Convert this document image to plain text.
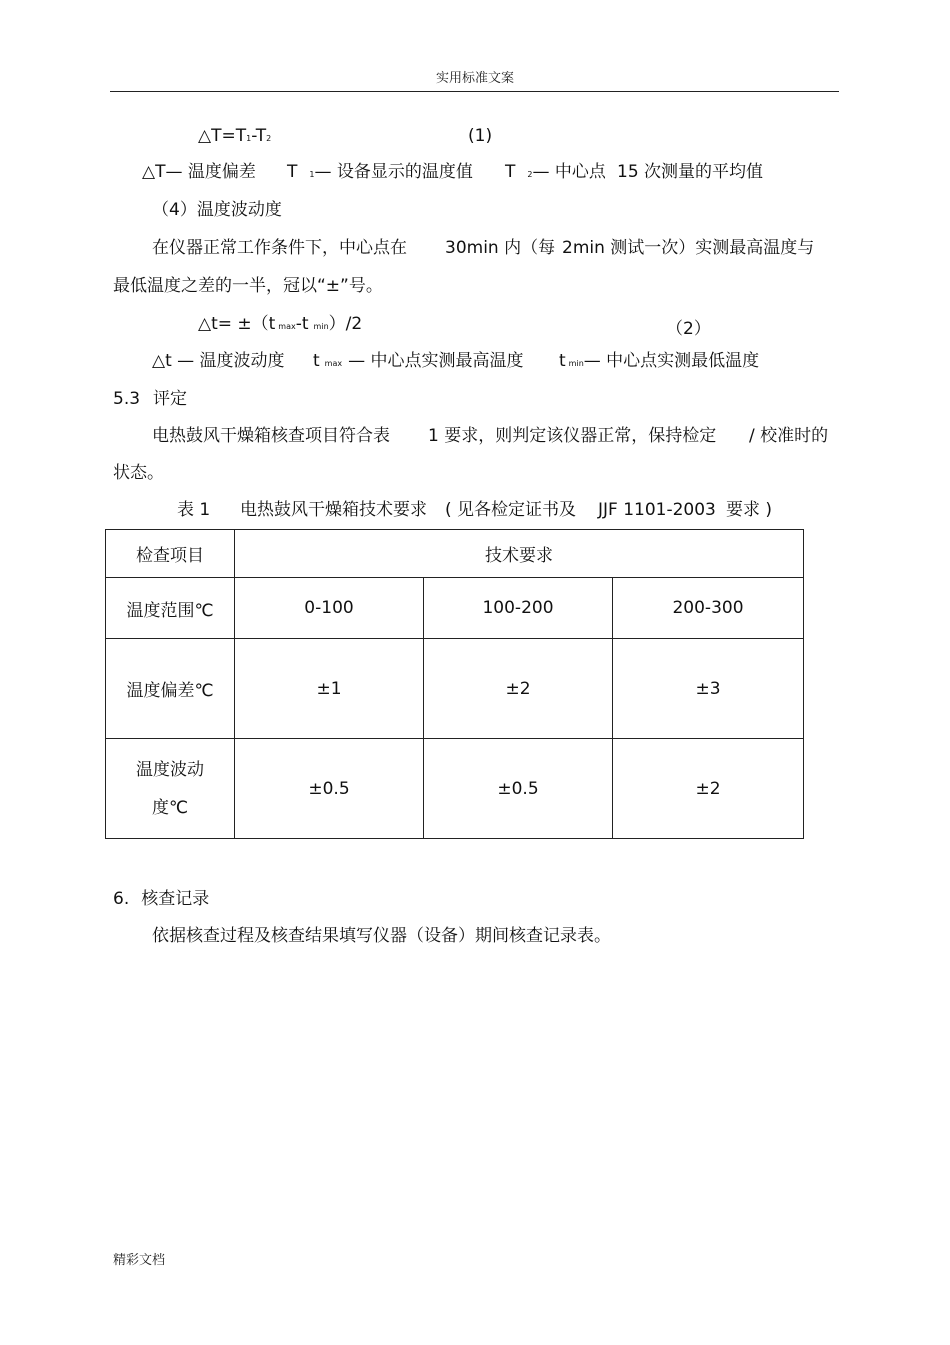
实用标准文案
△T=T1-T2	(1)
△T— 温度偏差 T 1— 设备显示的温度值 T 2— 中心点 15 次测量的平均值
（4）温度波动度
在仪器正常工作条件下，中心点在 30min 内（每 2min 测试一次）实测最高温度与
最低温度之差的一半，冠以“±”号。
△t= ±（t max-t min）/2	（2）
△t — 温度波动度 tmax — 中心点实测最高温度 tmin— 中心点实测最低温度
5.3 评定
电热鼓风干燥箱核查项目符合表 1 要求，则判定该仪器正常，保持检定 / 校准时的
状态。
表 1 电热鼓风干燥箱技术要求 ( 见各检定证书及 JJF 1101-2003 要求 )
检查项目	技术要求		
温度范围℃	0-100	100-200	200-300
温度偏差℃	±1	±2	±3

温度波动
度℃	±0.5	±0.5	±2
6. 核查记录
依据核查过程及核查结果填写仪器（设备）期间核查记录表。
精彩文档
